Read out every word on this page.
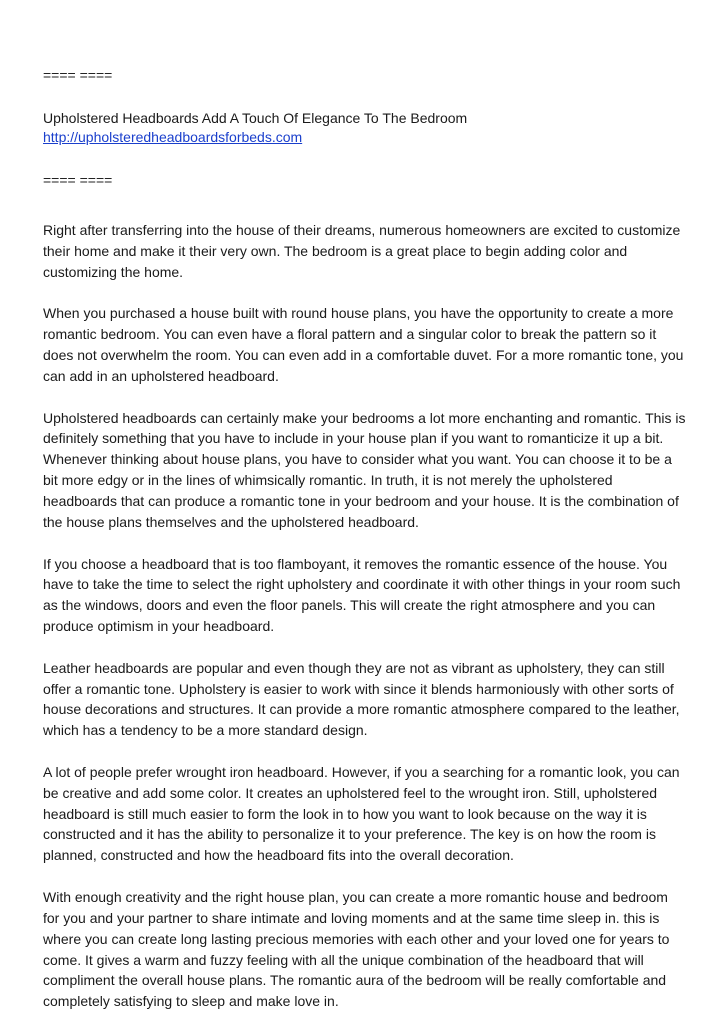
==== ====
Upholstered Headboards Add A Touch Of Elegance To The Bedroom
http://upholsteredheadboardsforbeds.com
==== ====

Right after transferring into the house of their dreams, numerous homeowners are excited to customize their home and make it their very own. The bedroom is a great place to begin adding color and customizing the home.

When you purchased a house built with round house plans, you have the opportunity to create a more romantic bedroom. You can even have a floral pattern and a singular color to break the pattern so it does not overwhelm the room. You can even add in a comfortable duvet. For a more romantic tone, you can add in an upholstered headboard.

Upholstered headboards can certainly make your bedrooms a lot more enchanting and romantic. This is definitely something that you have to include in your house plan if you want to romanticize it up a bit. Whenever thinking about house plans, you have to consider what you want. You can choose it to be a bit more edgy or in the lines of whimsically romantic. In truth, it is not merely the upholstered headboards that can produce a romantic tone in your bedroom and your house. It is the combination of the house plans themselves and the upholstered headboard.

If you choose a headboard that is too flamboyant, it removes the romantic essence of the house. You have to take the time to select the right upholstery and coordinate it with other things in your room such as the windows, doors and even the floor panels. This will create the right atmosphere and you can produce optimism in your headboard.

Leather headboards are popular and even though they are not as vibrant as upholstery, they can still offer a romantic tone. Upholstery is easier to work with since it blends harmoniously with other sorts of house decorations and structures. It can provide a more romantic atmosphere compared to the leather, which has a tendency to be a more standard design.

A lot of people prefer wrought iron headboard. However, if you a searching for a romantic look, you can be creative and add some color. It creates an upholstered feel to the wrought iron. Still, upholstered headboard is still much easier to form the look in to how you want to look because on the way it is constructed and it has the ability to personalize it to your preference. The key is on how the room is planned, constructed and how the headboard fits into the overall decoration.

With enough creativity and the right house plan, you can create a more romantic house and bedroom for you and your partner to share intimate and loving moments and at the same time sleep in. this is where you can create long lasting precious memories with each other and your loved one for years to come. It gives a warm and fuzzy feeling with all the unique combination of the headboard that will compliment the overall house plans. The romantic aura of the bedroom will be really comfortable and completely satisfying to sleep and make love in.
